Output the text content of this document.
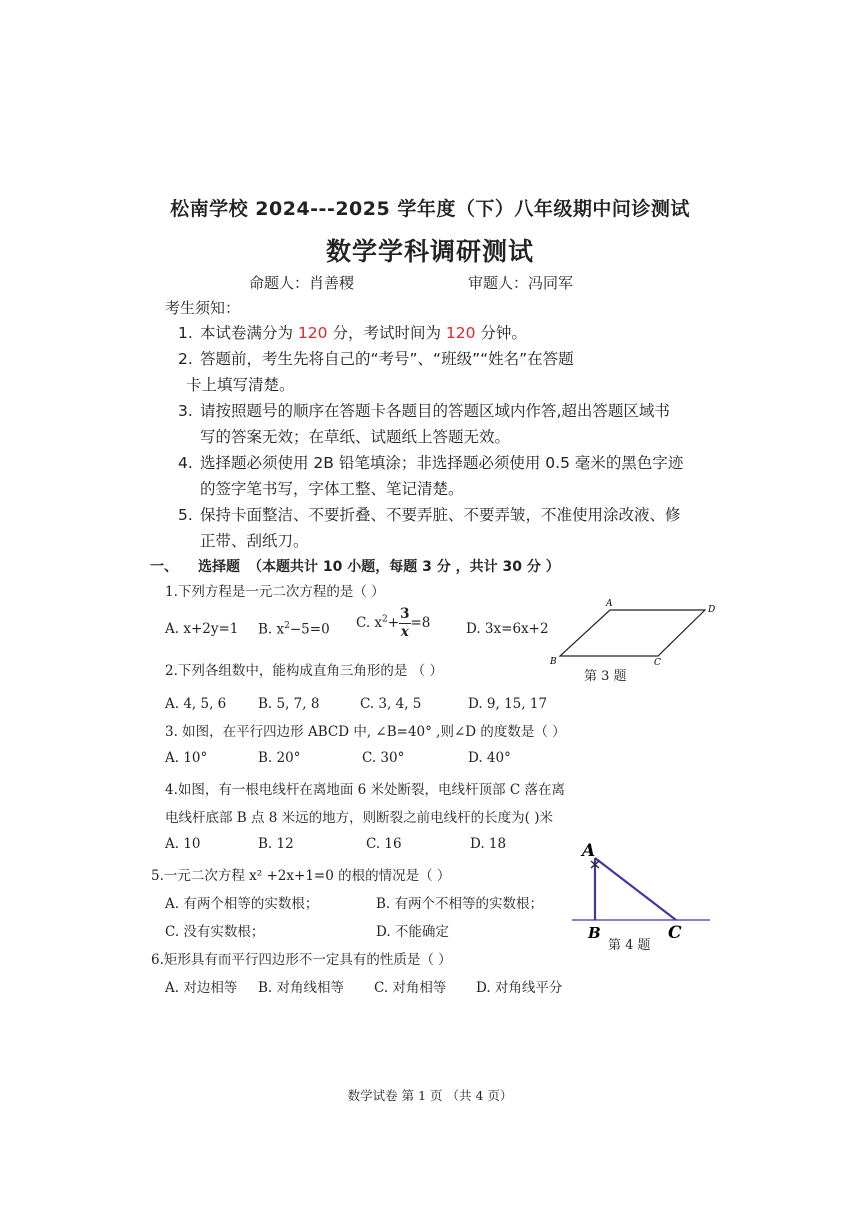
松南学校 2024---2025 学年度（下）八年级期中问诊测试
数学学科调研测试
命题人：肖善稷	审题人：冯同军
考生须知：
1. 本试卷满分为 120 分，考试时间为 120 分钟。
2. 答题前，考生先将自己的“考号”、“班级”“姓名”在答题
卡上填写清楚。
3. 请按照题号的顺序在答题卡各题目的答题区域内作答,超出答题区域书
写的答案无效；在草纸、试题纸上答题无效。
4. 选择题必须使用 2B 铅笔填涂；非选择题必须使用 0.5 毫米的黑色字迹
的签字笔书写，字体工整、笔记清楚。
5. 保持卡面整洁、不要折叠、不要弄脏、不要弄皱，不准使用涂改液、修
正带、刮纸刀。
一、 选择题 （本题共计 10 小题，每题 3 分 ，共计 30 分 ）
1.下列方程是一元二次方程的是（ ）
A. x+2y=1 B. $x^2-5=0$ C. $x^2+ \frac{3}{x} =8$	D. 3x=6x+2
2.下列各组数中，能构成直角三角形的是 （ ）
A. 4, 5, 6 B. 5, 7, 8	C. 3, 4, 5	D. 9, 15, 17
3. 如图，在平行四边形 ABCD 中, ∠B=40° ,则∠D 的度数是（ ）
A. 10°	B. 20°	C. 30°	D. 40°
4.如图，有一根电线杆在离地面 6 米处断裂，电线杆顶部 C 落在离
电线杆底部 B 点 8 米远的地方，则断裂之前电线杆的长度为( )米
A. 10	B. 12	C. 16	D. 18
5.一元二次方程 x² +2x+1=0 的根的情况是（ ）
A. 有两个相等的实数根；	B. 有两个不相等的实数根；
C. 没有实数根；	D. 不能确定
6.矩形具有而平行四边形不一定具有的性质是（ ）
A. 对边相等 B. 对角线相等 C. 对角相等 D. 对角线平分
A
D
B	C
第 3 题
A
B	C
第 4 题
数学试卷 第 1 页 （共 4 页）
